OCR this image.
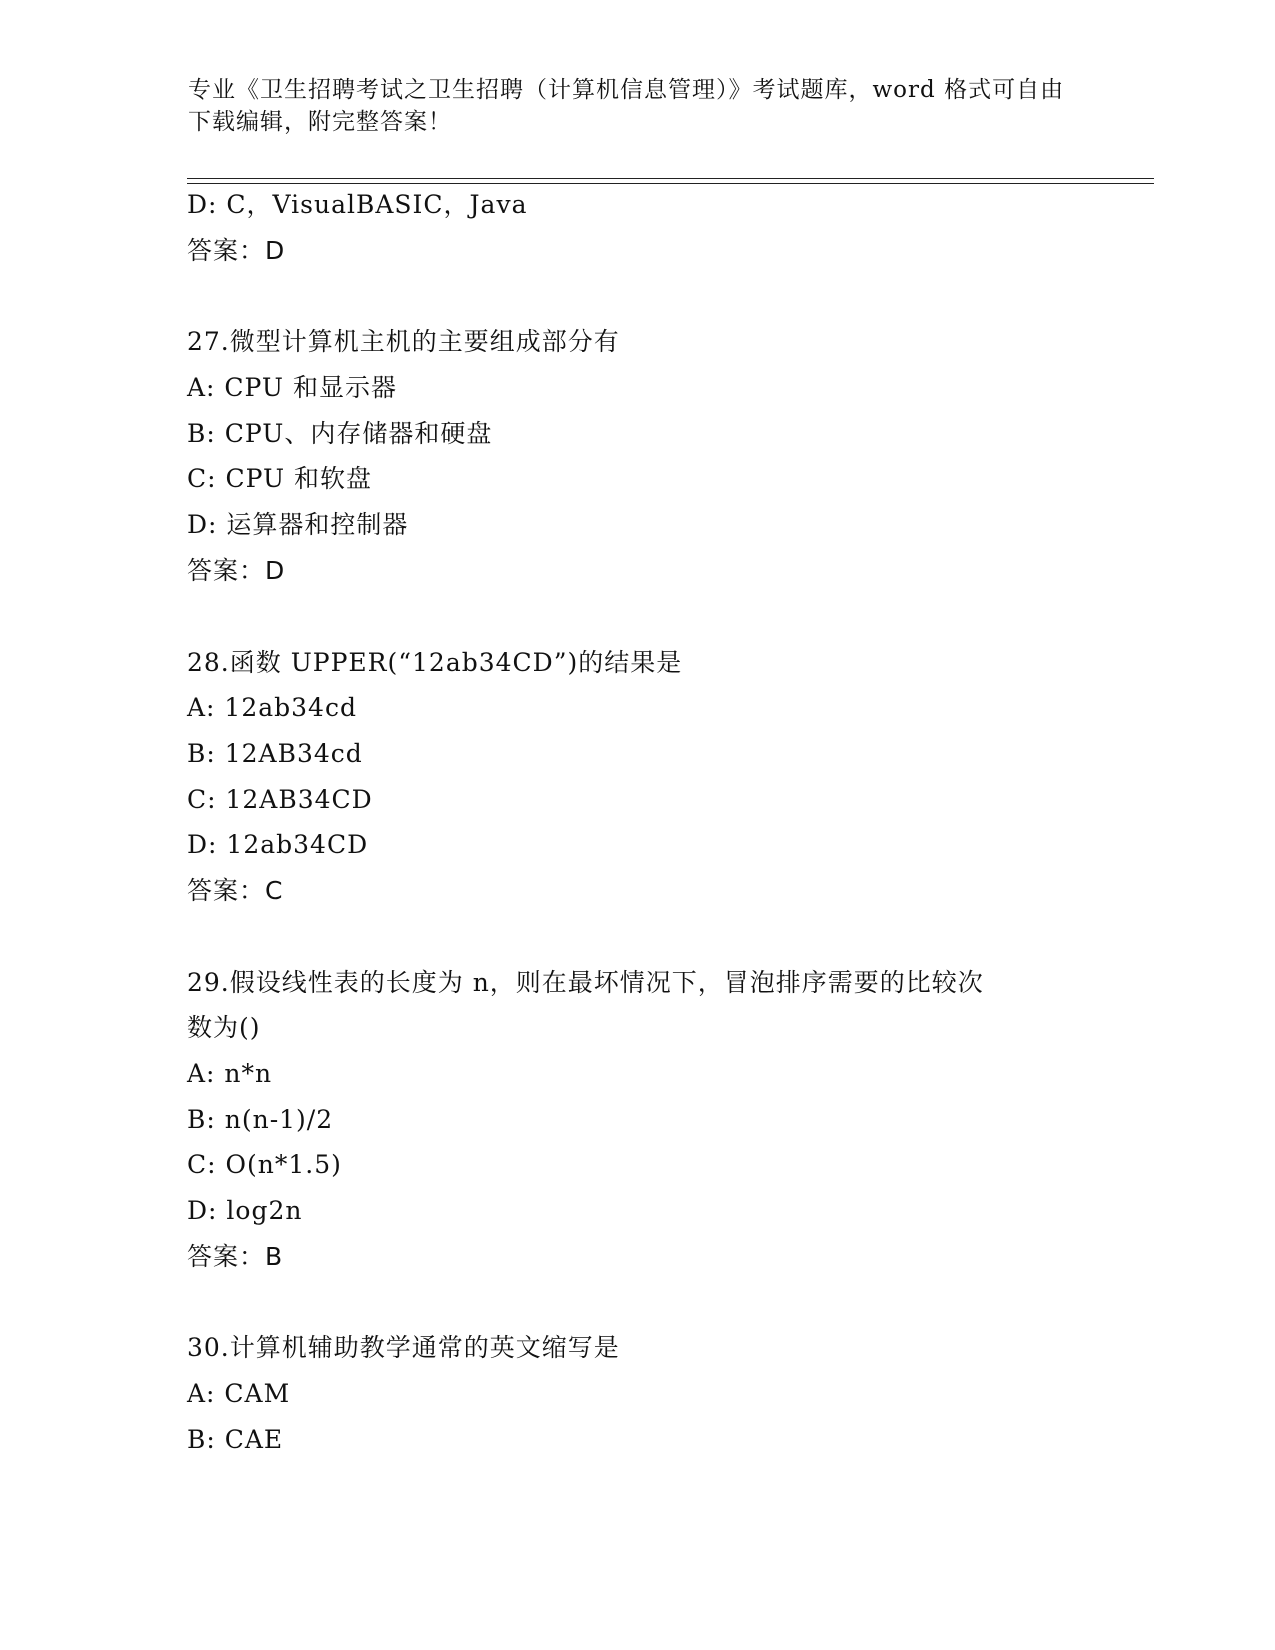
专业《卫生招聘考试之卫生招聘（计算机信息管理）》考试题库，word 格式可自由下载编辑，附完整答案！
D: C，VisualBASIC，Java
答案：D
27.微型计算机主机的主要组成部分有
A: CPU 和显示器
B: CPU、内存储器和硬盘
C: CPU 和软盘
D: 运算器和控制器
答案：D
28.函数 UPPER(“12ab34CD”)的结果是
A: 12ab34cd
B: 12AB34cd
C: 12AB34CD
D: 12ab34CD
答案：C
29.假设线性表的长度为 n，则在最坏情况下，冒泡排序需要的比较次
数为()
A: n*n
B: n(n-1)/2
C: O(n*1.5)
D: log2n
答案：B
30.计算机辅助教学通常的英文缩写是
A: CAM
B: CAE
